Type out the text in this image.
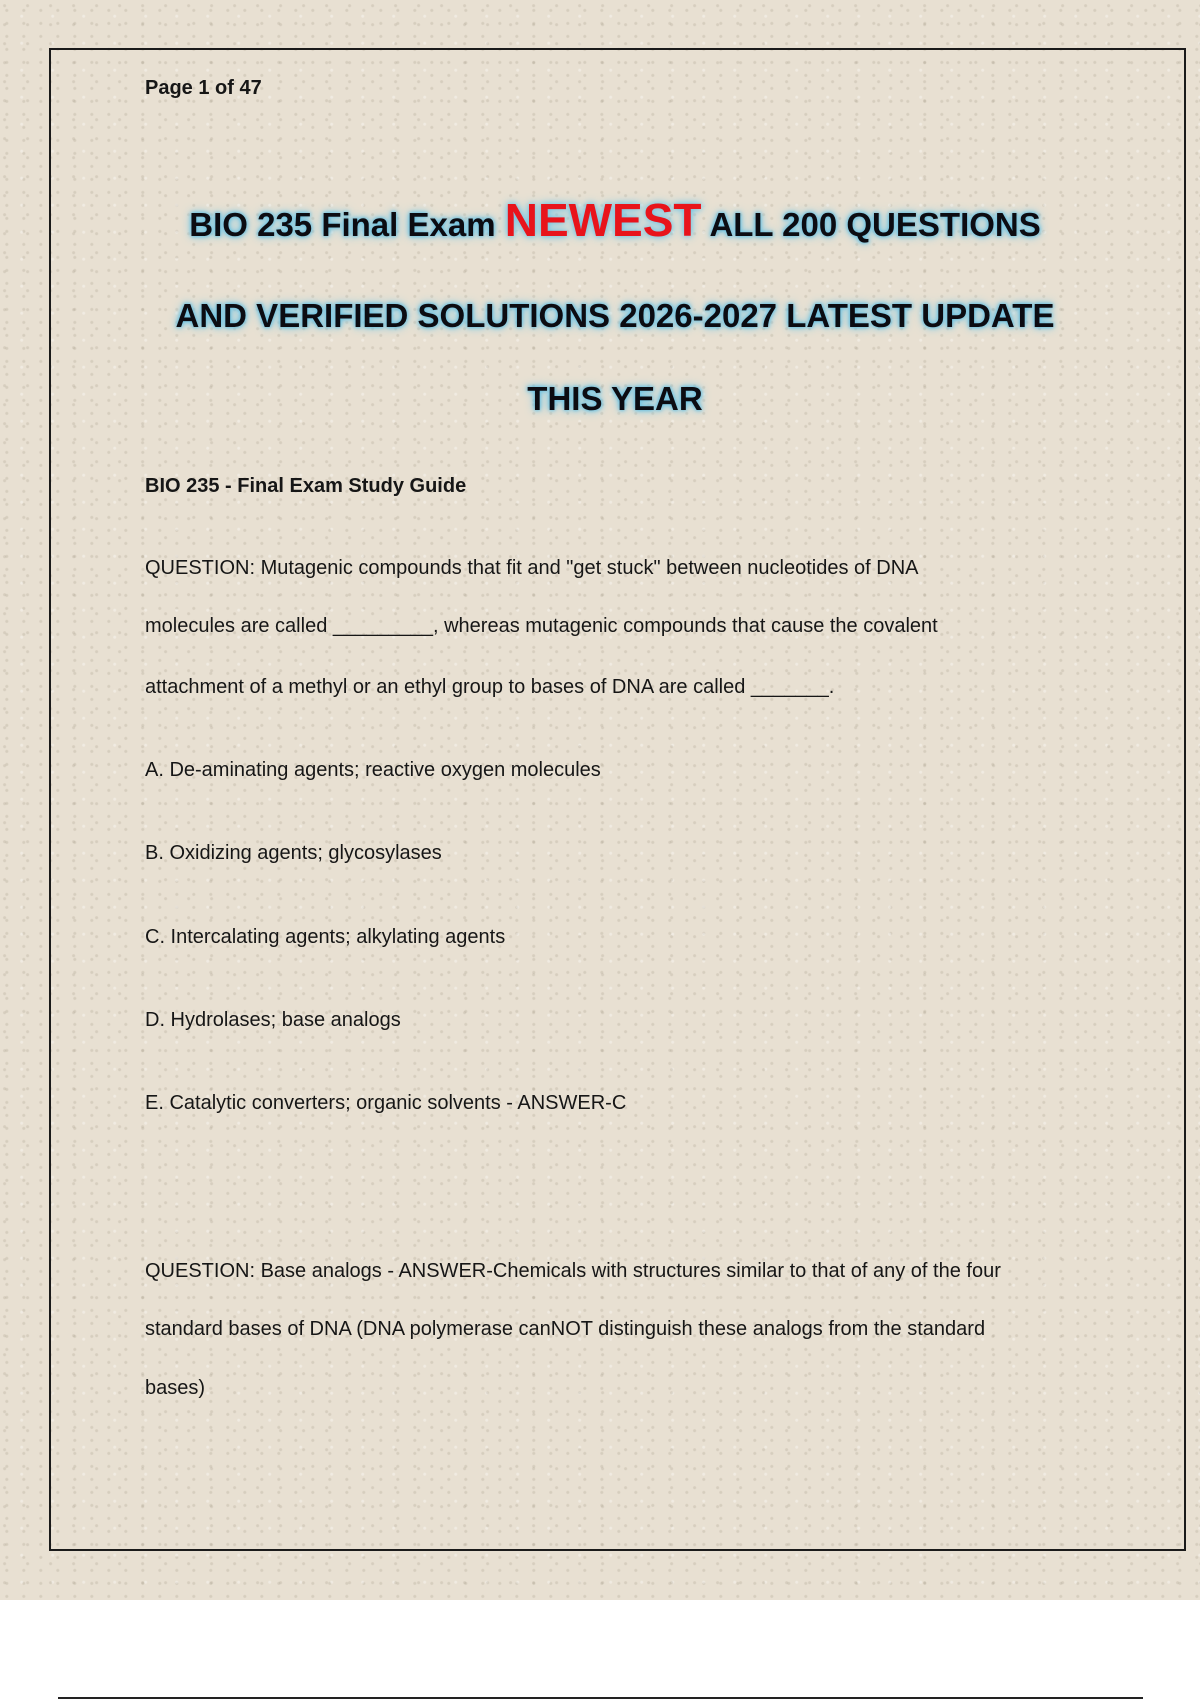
Page 1 of 47
BIO 235 Final Exam NEWEST ALL 200 QUESTIONS
AND VERIFIED SOLUTIONS 2026-2027 LATEST UPDATE
THIS YEAR
BIO 235 - Final Exam Study Guide
QUESTION: Mutagenic compounds that fit and "get stuck" between nucleotides of DNA
molecules are called _________, whereas mutagenic compounds that cause the covalent
attachment of a methyl or an ethyl group to bases of DNA are called _______.
A. De-aminating agents; reactive oxygen molecules
B. Oxidizing agents; glycosylases
C. Intercalating agents; alkylating agents
D. Hydrolases; base analogs
E. Catalytic converters; organic solvents - ANSWER-C
QUESTION: Base analogs - ANSWER-Chemicals with structures similar to that of any of the four
standard bases of DNA (DNA polymerase canNOT distinguish these analogs from the standard
bases)
